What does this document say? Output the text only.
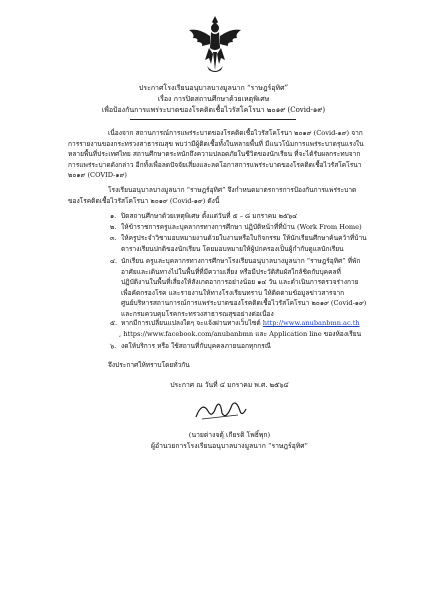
ประกาศโรงเรียนอนุบาลบางมูลนาก “ราษฎร์อุทิศ”
เรื่อง การปิดสถานศึกษาด้วยเหตุพิเศษ
เพื่อป้องกันการแพร่ระบาดของโรคติดเชื้อไวรัสโคโรนา ๒๐๑๙ (Covid-๑๙)
เนื่องจาก สถานการณ์การแพร่ระบาดของโรคติดเชื้อไวรัสโคโรนา ๒๐๑๙ (Covid-๑๙) จาก
การรายงานของกระทรวงสาธารณสุข พบว่ามีผู้ติดเชื้อทั้งในหลายพื้นที่ มีแนวโน้มการแพร่ระบาดรุนแรงใน
หลายพื้นที่ประเทศไทย สถานศึกษาตระหนักถึงความปลอดภัยในชีวิตของนักเรียน ที่จะได้รับผลกระทบจาก
การแพร่ระบาดดังกล่าว อีกทั้งเพื่อลดปัจจัยเสี่ยงและลดโอกาสการแพร่ระบาดของโรคติดเชื้อไวรัสโคโรนา
๒๐๑๙ (COVID-๑๙)
โรงเรียนอนุบาลบางมูลนาก “ราษฎร์อุทิศ” จึงกำหนดมาตรการการป้องกันการแพร่ระบาด
ของโรคติดเชื้อไวรัสโคโรนา ๒๐๑๙ (Covid-๑๙) ดังนี้
๑. ปิดสถานศึกษาด้วยเหตุพิเศษ ตั้งแต่วันที่ ๕ – ๘ มกราคม ๒๕๖๔
๒. ให้ข้าราชการครูและบุคลากรทางการศึกษา ปฏิบัติหน้าที่ที่บ้าน (Work From Home)
๓. ให้ครูประจำวิชามอบหมายงานด้วยใบงานหรือใบกิจกรรม ให้นักเรียนศึกษาค้นคว้าที่บ้าน
ตารางเรียนปกติของนักเรียน โดยมอบหมายให้ผู้ปกครองเป็นผู้กำกับดูแลนักเรียน
๔. นักเรียน ครูและบุคลากรทางการศึกษาโรงเรียนอนุบาลบางมูลนาก “ราษฎร์อุทิศ” ที่พัก
อาศัยและเดินทางไปในพื้นที่ที่มีความเสี่ยง หรือมีประวัติสัมผัสใกล้ชิดกับบุคคลที่
ปฏิบัติงานในพื้นที่เสี่ยงให้สังเกตอาการอย่างน้อย ๑๔ วัน และดำเนินการตรวจร่างกาย
เพื่อคัดกรองโรค และรายงานให้ทางโรงเรียนทราบ ให้ติดตามข้อมูลข่าวสารจาก
ศูนย์บริหารสถานการณ์การแพร่ระบาดของโรคติดเชื้อไวรัสโคโรนา ๒๐๑๙ (Covid-๑๙)
และกรมควบคุมโรคกระทรวงสาธารณสุขอย่างต่อเนื่อง
๕. หากมีการเปลี่ยนแปลงใดๆ จะแจ้งผ่านทางเว็บไซต์ http://www.anubanbmn.ac.th
, https://www.facebook.com/anubanbmn และ Application line ของห้องเรียน
๖. งดให้บริการ หรือ ใช้สถานที่กับบุคคลภายนอกทุกกรณี
จึงประกาศให้ทราบโดยทั่วกัน
ประกาศ ณ วันที่ ๔ มกราคม พ.ศ. ๒๕๖๔
(นายต่างจตุ้ เกียรติ โพธิ์พุก)
ผู้อำนวยการโรงเรียนอนุบาลบางมูลนาก “ราษฎร์อุทิศ”
